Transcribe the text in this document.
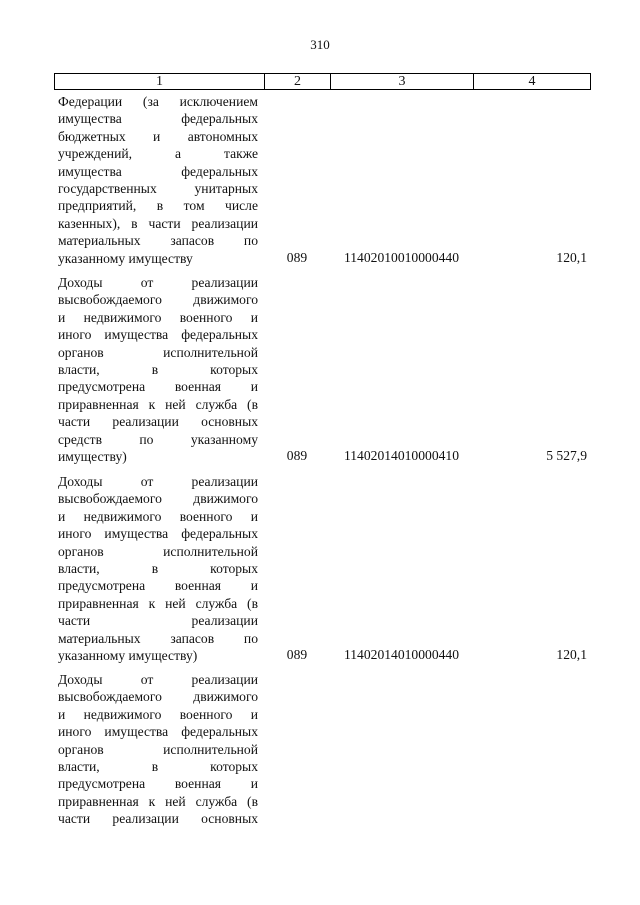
310
1	2	3	4
Федерации (за исключением
имущества федеральных
бюджетных и автономных
учреждений, а также
имущества федеральных
государственных унитарных
предприятий, в том числе
казенных), в части реализации
материальных запасов по
указанному имуществу	089	11402010010000440	120,1
Доходы от реализации
высвобождаемого движимого
и недвижимого военного и
иного имущества федеральных
органов исполнительной
власти, в которых
предусмотрена военная и
приравненная к ней служба (в
части реализации основных
средств по указанному
имуществу)	089	11402014010000410	5 527,9
Доходы от реализации
высвобождаемого движимого
и недвижимого военного и
иного имущества федеральных
органов исполнительной
власти, в которых
предусмотрена военная и
приравненная к ней служба (в
части реализации
материальных запасов по
указанному имуществу)	089	11402014010000440	120,1
Доходы от реализации
высвобождаемого движимого
и недвижимого военного и
иного имущества федеральных
органов исполнительной
власти, в которых
предусмотрена военная и
приравненная к ней служба (в
части реализации основных
